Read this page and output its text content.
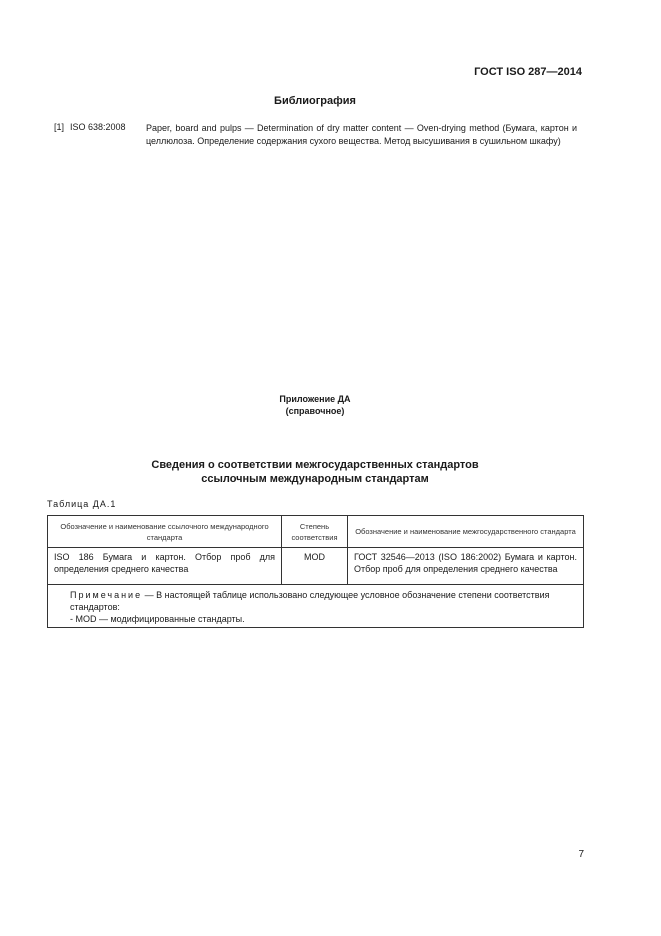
ГОСТ ISO 287—2014
Библиография
[1] ISO 638:2008 Paper, board and pulps — Determination of dry matter content — Oven-drying method (Бумага, картон и целлюлоза. Определение содержания сухого вещества. Метод высушивания в сушильном шкафу)
Приложение ДА
(справочное)
Сведения о соответствии межгосударственных стандартов
ссылочным международным стандартам
Таблица ДА.1
Обозначение и наименование ссылочного международного стандарта	Степень соответствия	Обозначение и наименование межгосударственного стандарта
ISO 186 Бумага и картон. Отбор проб для определения среднего качества	MOD	ГОСТ 32546—2013 (ISO 186:2002) Бумага и картон. Отбор проб для определения среднего качества

Примечание — В настоящей таблице использовано следующее условное обозначение степени соответствия стандартов:
- MOD — модифицированные стандарты.		
7
